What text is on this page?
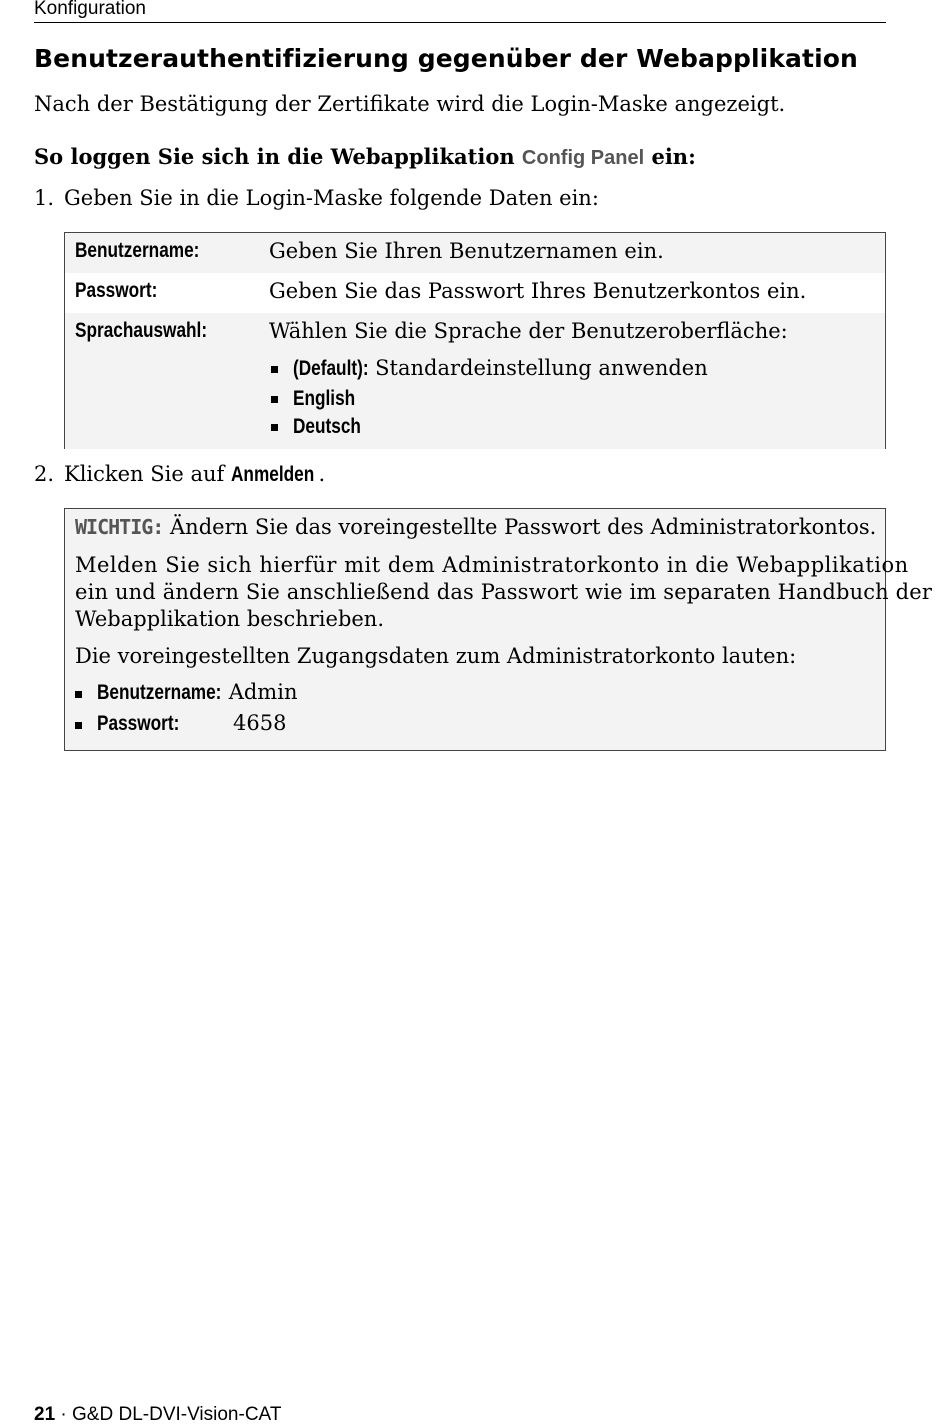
Konfiguration
Benutzerauthentifizierung gegenüber der Webapplikation

Nach der Bestätigung der Zertifikate wird die Login-Maske angezeigt.

So loggen Sie sich in die Webapplikation Config Panel ein:

1. Geben Sie in die Login-Maske folgende Daten ein:

Benutzername:	Geben Sie Ihren Benutzernamen ein.
Passwort:	Geben Sie das Passwort Ihres Benutzerkontos ein.
Sprachauswahl:	Wählen Sie die Sprache der Benutzeroberfläche:
(Default): Standardeinstellung anwenden
English
Deutsch

2. Klicken Sie auf Anmelden .

WICHTIG: Ändern Sie das voreingestellte Passwort des Administratorkontos.
Melden Sie sich hierfür mit dem Administratorkonto in die Webapplikation
ein und ändern Sie anschließend das Passwort wie im separaten Handbuch der
Webapplikation beschrieben.
Die voreingestellten Zugangsdaten zum Administratorkonto lauten:
Benutzername: Admin
Passwort:	4658
21 · G&D DL-DVI-Vision-CAT
